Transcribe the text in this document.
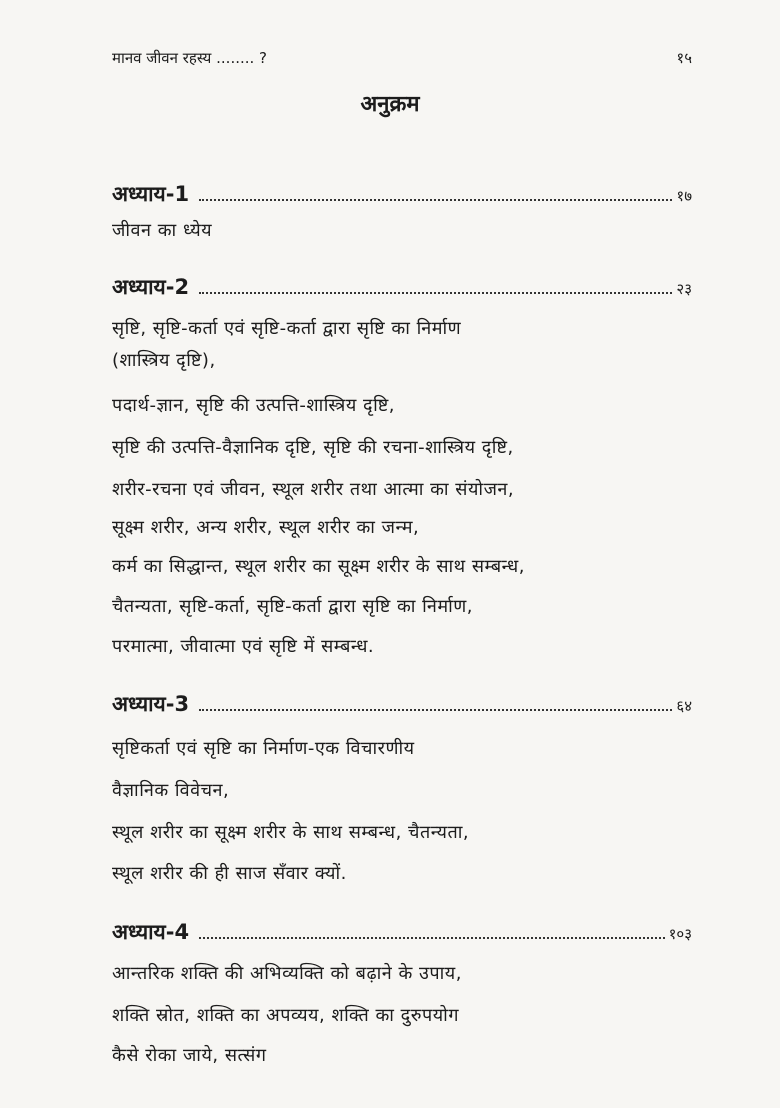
मानव जीवन रहस्य ........ ?	१५
अनुक्रम
अध्याय-1	१७
जीवन का ध्येय
अध्याय-2	२३
सृष्टि, सृष्टि-कर्ता एवं सृष्टि-कर्ता द्वारा सृष्टि का निर्माण
(शास्त्रिय दृष्टि),
पदार्थ-ज्ञान, सृष्टि की उत्पत्ति-शास्त्रिय दृष्टि,
सृष्टि की उत्पत्ति-वैज्ञानिक दृष्टि, सृष्टि की रचना-शास्त्रिय दृष्टि,
शरीर-रचना एवं जीवन, स्थूल शरीर तथा आत्मा का संयोजन,
सूक्ष्म शरीर, अन्य शरीर, स्थूल शरीर का जन्म,
कर्म का सिद्धान्त, स्थूल शरीर का सूक्ष्म शरीर के साथ सम्बन्ध,
चैतन्यता, सृष्टि-कर्ता, सृष्टि-कर्ता द्वारा सृष्टि का निर्माण,
परमात्मा, जीवात्मा एवं सृष्टि में सम्बन्ध.
अध्याय-3	६४
सृष्टिकर्ता एवं सृष्टि का निर्माण-एक विचारणीय
वैज्ञानिक विवेचन,
स्थूल शरीर का सूक्ष्म शरीर के साथ सम्बन्ध, चैतन्यता,
स्थूल शरीर की ही साज सँवार क्यों.
अध्याय-4	१०३
आन्तरिक शक्ति की अभिव्यक्ति को बढ़ाने के उपाय,
शक्ति स्रोत, शक्ति का अपव्यय, शक्ति का दुरुपयोग
कैसे रोका जाये, सत्संग
